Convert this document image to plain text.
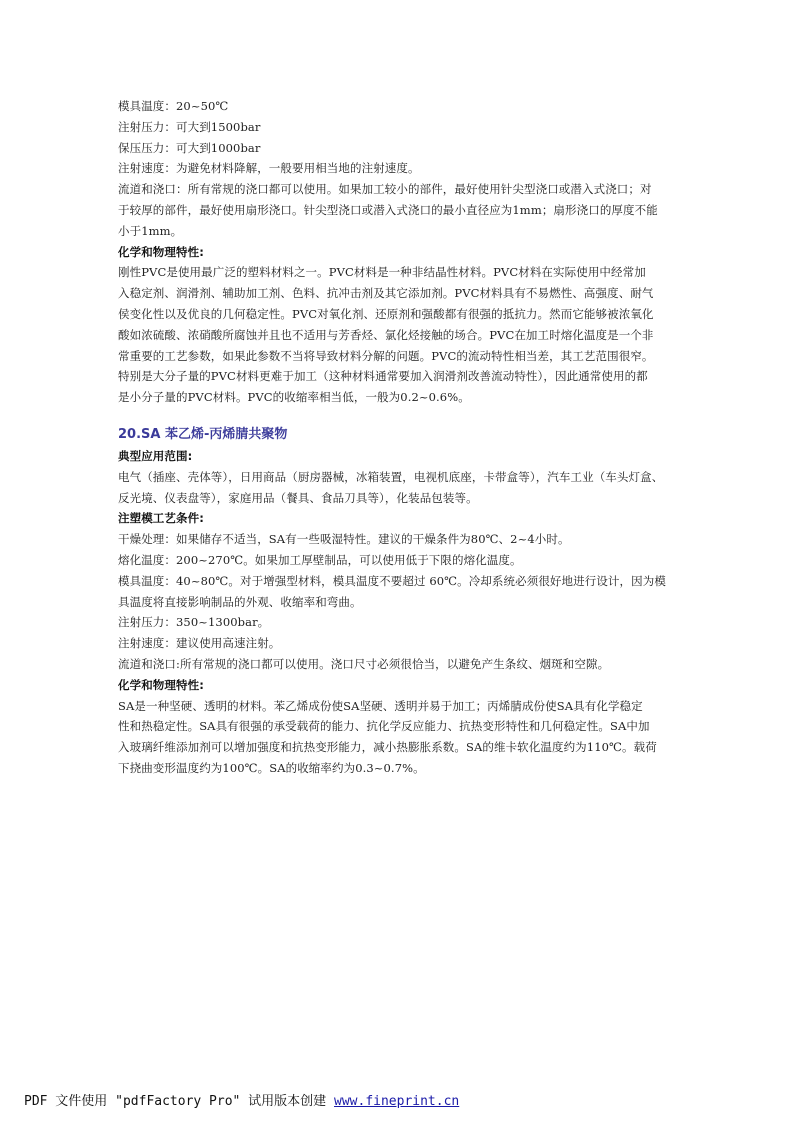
模具温度：20~50℃
注射压力：可大到1500bar
保压压力：可大到1000bar
注射速度：为避免材料降解，一般要用相当地的注射速度。
流道和浇口：所有常规的浇口都可以使用。如果加工较小的部件，最好使用针尖型浇口或潜入式浇口；对
于较厚的部件，最好使用扇形浇口。针尖型浇口或潜入式浇口的最小直径应为1mm；扇形浇口的厚度不能
小于1mm。
化学和物理特性:
刚性PVC是使用最广泛的塑料材料之一。PVC材料是一种非结晶性材料。PVC材料在实际使用中经常加
入稳定剂、润滑剂、辅助加工剂、色料、抗冲击剂及其它添加剂。PVC材料具有不易燃性、高强度、耐气
侯变化性以及优良的几何稳定性。PVC对氧化剂、还原剂和强酸都有很强的抵抗力。然而它能够被浓氧化
酸如浓硫酸、浓硝酸所腐蚀并且也不适用与芳香烃、氯化烃接触的场合。PVC在加工时熔化温度是一个非
常重要的工艺参数，如果此参数不当将导致材料分解的问题。PVC的流动特性相当差，其工艺范围很窄。
特别是大分子量的PVC材料更难于加工（这种材料通常要加入润滑剂改善流动特性），因此通常使用的都
是小分子量的PVC材料。PVC的收缩率相当低，一般为0.2~0.6%。
20.SA 苯乙烯-丙烯腈共聚物
典型应用范围:
电气（插座、壳体等），日用商品（厨房器械，冰箱装置，电视机底座，卡带盒等），汽车工业（车头灯盒、
反光境、仪表盘等），家庭用品（餐具、食品刀具等），化装品包装等。
注塑模工艺条件:
干燥处理：如果储存不适当，SA有一些吸湿特性。建议的干燥条件为80℃、2~4小时。
熔化温度：200~270℃。如果加工厚壁制品，可以使用低于下限的熔化温度。
模具温度：40~80℃。对于增强型材料，模具温度不要超过 60℃。冷却系统必须很好地进行设计，因为模
具温度将直接影响制品的外观、收缩率和弯曲。
注射压力：350~1300bar。
注射速度：建议使用高速注射。
流道和浇口:所有常规的浇口都可以使用。浇口尺寸必须很恰当，以避免产生条纹、烟斑和空隙。
化学和物理特性:
SA是一种坚硬、透明的材料。苯乙烯成份使SA坚硬、透明并易于加工；丙烯腈成份使SA具有化学稳定
性和热稳定性。SA具有很强的承受载荷的能力、抗化学反应能力、抗热变形特性和几何稳定性。SA中加
入玻璃纤维添加剂可以增加强度和抗热变形能力，减小热膨胀系数。SA的维卡软化温度约为110℃。载荷
下挠曲变形温度约为100℃。SA的收缩率约为0.3~0.7%。
PDF 文件使用 "pdfFactory Pro" 试用版本创建 www.fineprint.cn
